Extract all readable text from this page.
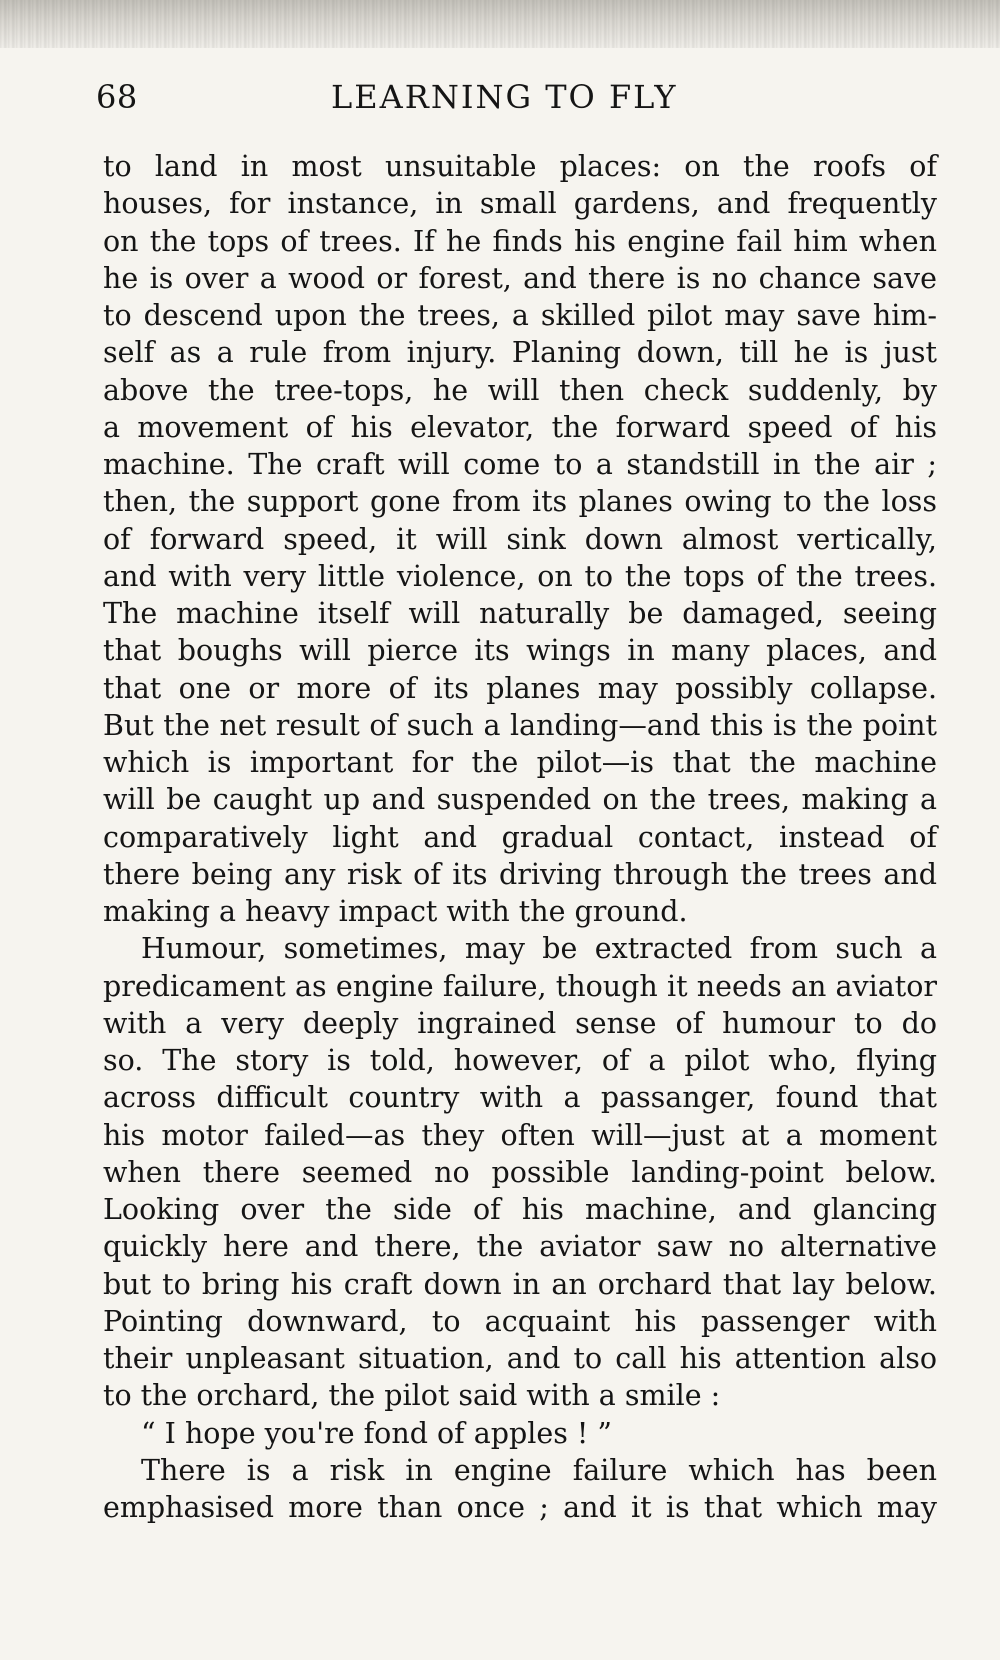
68	LEARNING TO FLY
to land in most unsuitable places: on the roofs of
houses, for instance, in small gardens, and frequently
on the tops of trees. If he finds his engine fail him when
he is over a wood or forest, and there is no chance save
to descend upon the trees, a skilled pilot may save him-
self as a rule from injury. Planing down, till he is just
above the tree-tops, he will then check suddenly, by
a movement of his elevator, the forward speed of his
machine. The craft will come to a standstill in the air ;
then, the support gone from its planes owing to the loss
of forward speed, it will sink down almost vertically,
and with very little violence, on to the tops of the trees.
The machine itself will naturally be damaged, seeing
that boughs will pierce its wings in many places, and
that one or more of its planes may possibly collapse.
But the net result of such a landing—and this is the point
which is important for the pilot—is that the machine
will be caught up and suspended on the trees, making a
comparatively light and gradual contact, instead of
there being any risk of its driving through the trees and
making a heavy impact with the ground.
Humour, sometimes, may be extracted from such a
predicament as engine failure, though it needs an aviator
with a very deeply ingrained sense of humour to do
so. The story is told, however, of a pilot who, flying
across difficult country with a passanger, found that
his motor failed—as they often will—just at a moment
when there seemed no possible landing-point below.
Looking over the side of his machine, and glancing
quickly here and there, the aviator saw no alternative
but to bring his craft down in an orchard that lay below.
Pointing downward, to acquaint his passenger with
their unpleasant situation, and to call his attention also
to the orchard, the pilot said with a smile :
“ I hope you're fond of apples ! ”
There is a risk in engine failure which has been
emphasised more than once ; and it is that which may
